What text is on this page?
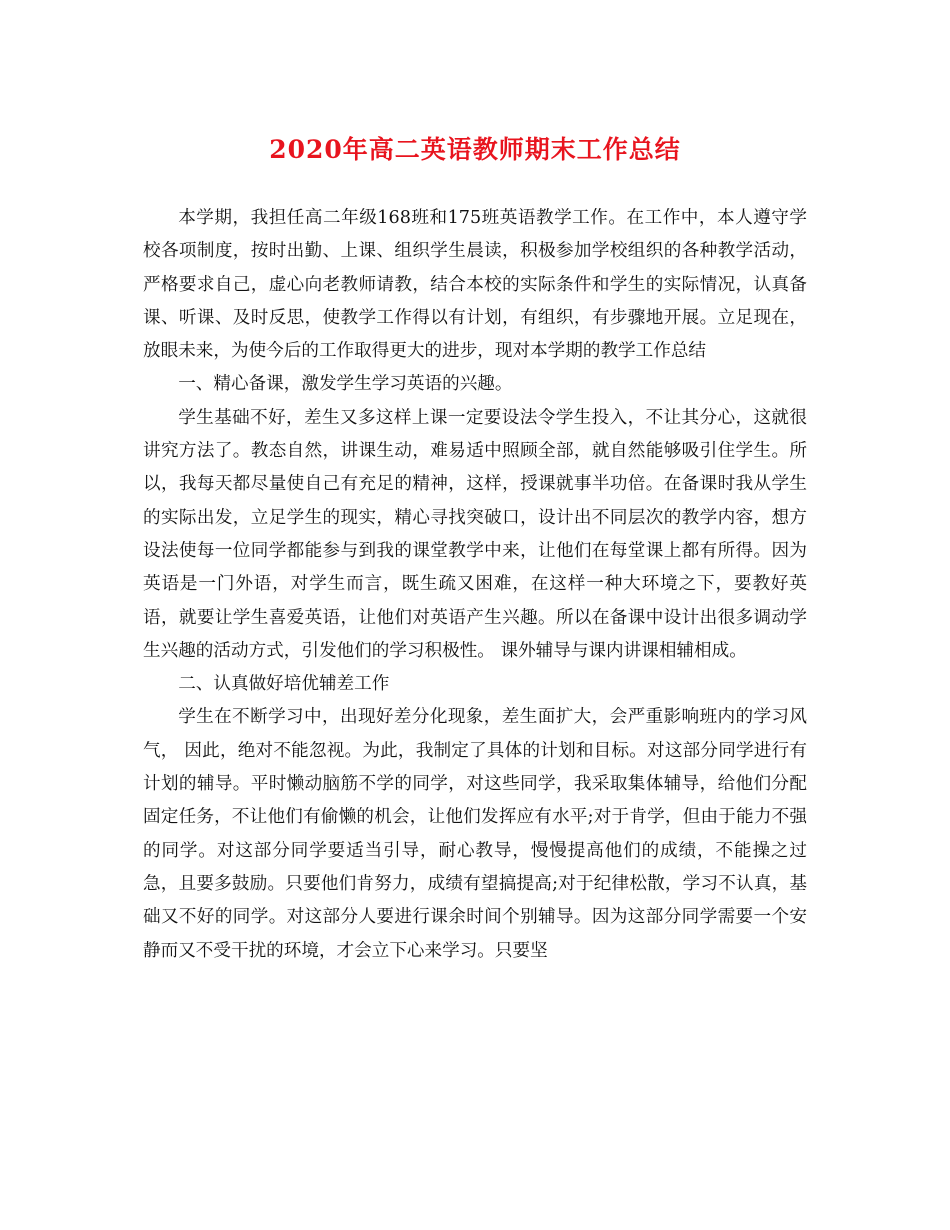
2020年高二英语教师期末工作总结

本学期，我担任高二年级168班和175班英语教学工作。在工作中，本人遵守学校各项制度，按时出勤、上课、组织学生晨读，积极参加学校组织的各种教学活动，严格要求自己，虚心向老教师请教，结合本校的实际条件和学生的实际情况，认真备课、听课、及时反思，使教学工作得以有计划，有组织，有步骤地开展。立足现在，放眼未来，为使今后的工作取得更大的进步，现对本学期的教学工作总结

一、精心备课，激发学生学习英语的兴趣。

学生基础不好，差生又多这样上课一定要设法令学生投入，不让其分心，这就很讲究方法了。教态自然，讲课生动，难易适中照顾全部，就自然能够吸引住学生。所以，我每天都尽量使自己有充足的精神，这样，授课就事半功倍。在备课时我从学生的实际出发，立足学生的现实，精心寻找突破口，设计出不同层次的教学内容，想方设法使每一位同学都能参与到我的课堂教学中来，让他们在每堂课上都有所得。因为英语是一门外语，对学生而言，既生疏又困难，在这样一种大环境之下，要教好英语，就要让学生喜爱英语，让他们对英语产生兴趣。所以在备课中设计出很多调动学生兴趣的活动方式，引发他们的学习积极性。 课外辅导与课内讲课相辅相成。

二、认真做好培优辅差工作

学生在不断学习中，出现好差分化现象，差生面扩大，会严重影响班内的学习风气， 因此，绝对不能忽视。为此，我制定了具体的计划和目标。对这部分同学进行有计划的辅导。平时懒动脑筋不学的同学，对这些同学，我采取集体辅导，给他们分配固定任务，不让他们有偷懒的机会，让他们发挥应有水平;对于肯学，但由于能力不强的同学。对这部分同学要适当引导，耐心教导，慢慢提高他们的成绩，不能操之过急，且要多鼓励。只要他们肯努力，成绩有望搞提高;对于纪律松散，学习不认真，基础又不好的同学。对这部分人要进行课余时间个别辅导。因为这部分同学需要一个安静而又不受干扰的环境，才会立下心来学习。只要坚
